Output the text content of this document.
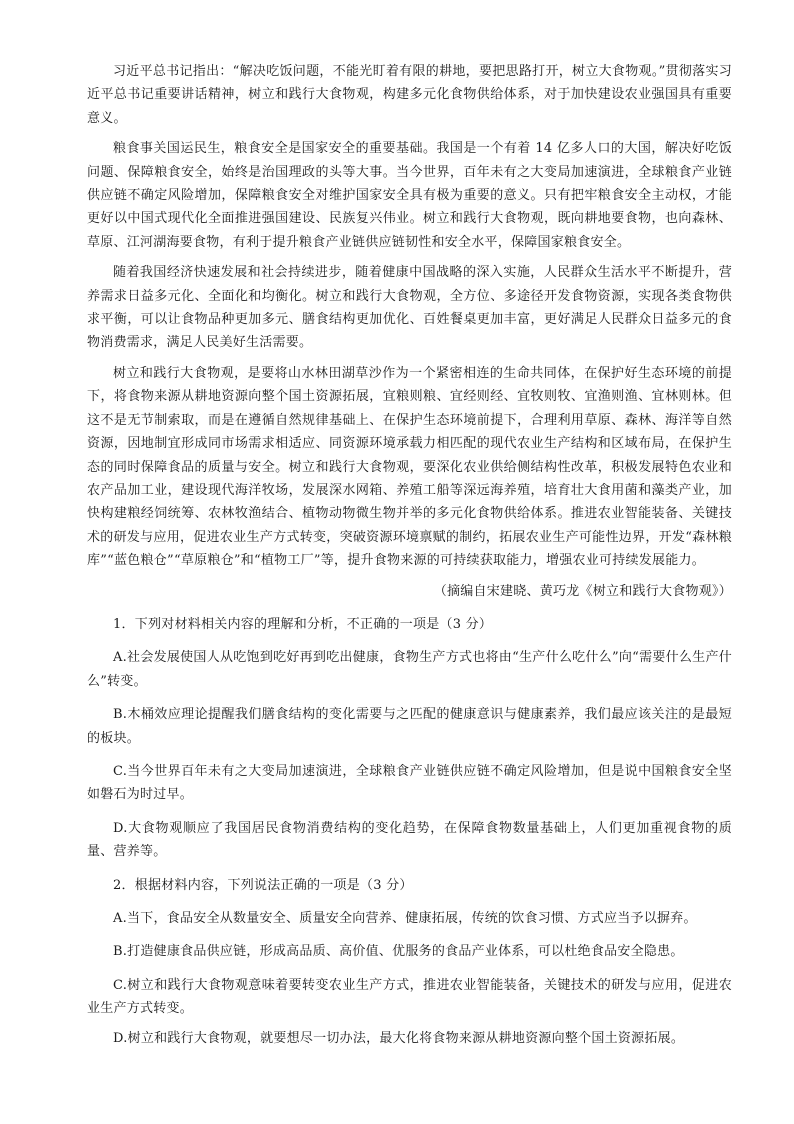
习近平总书记指出：“解决吃饭问题，不能光盯着有限的耕地，要把思路打开，树立大食物观。”贯彻落实习近平总书记重要讲话精神，树立和践行大食物观，构建多元化食物供给体系，对于加快建设农业强国具有重要意义。

粮食事关国运民生，粮食安全是国家安全的重要基础。我国是一个有着 14 亿多人口的大国，解决好吃饭问题、保障粮食安全，始终是治国理政的头等大事。当今世界，百年未有之大变局加速演进，全球粮食产业链供应链不确定风险增加，保障粮食安全对维护国家安全具有极为重要的意义。只有把牢粮食安全主动权，才能更好以中国式现代化全面推进强国建设、民族复兴伟业。树立和践行大食物观，既向耕地要食物，也向森林、草原、江河湖海要食物，有利于提升粮食产业链供应链韧性和安全水平，保障国家粮食安全。

随着我国经济快速发展和社会持续进步，随着健康中国战略的深入实施，人民群众生活水平不断提升，营养需求日益多元化、全面化和均衡化。树立和践行大食物观，全方位、多途径开发食物资源，实现各类食物供求平衡，可以让食物品种更加多元、膳食结构更加优化、百姓餐桌更加丰富，更好满足人民群众日益多元的食物消费需求，满足人民美好生活需要。

树立和践行大食物观，是要将山水林田湖草沙作为一个紧密相连的生命共同体，在保护好生态环境的前提下，将食物来源从耕地资源向整个国土资源拓展，宜粮则粮、宜经则经、宜牧则牧、宜渔则渔、宜林则林。但这不是无节制索取，而是在遵循自然规律基础上、在保护生态环境前提下，合理利用草原、森林、海洋等自然资源，因地制宜形成同市场需求相适应、同资源环境承载力相匹配的现代农业生产结构和区域布局，在保护生态的同时保障食品的质量与安全。树立和践行大食物观，要深化农业供给侧结构性改革，积极发展特色农业和农产品加工业，建设现代海洋牧场，发展深水网箱、养殖工船等深远海养殖，培育壮大食用菌和藻类产业，加快构建粮经饲统筹、农林牧渔结合、植物动物微生物并举的多元化食物供给体系。推进农业智能装备、关键技术的研发与应用，促进农业生产方式转变，突破资源环境禀赋的制约，拓展农业生产可能性边界，开发“森林粮库”“蓝色粮仓”“草原粮仓”和“植物工厂”等，提升食物来源的可持续获取能力，增强农业可持续发展能力。

（摘编自宋建晓、黄巧龙《树立和践行大食物观》）

1．下列对材料相关内容的理解和分析，不正确的一项是（3 分）

A.社会发展使国人从吃饱到吃好再到吃出健康，食物生产方式也将由“生产什么吃什么”向“需要什么生产什么”转变。

B.木桶效应理论提醒我们膳食结构的变化需要与之匹配的健康意识与健康素养，我们最应该关注的是最短的板块。

C.当今世界百年未有之大变局加速演进，全球粮食产业链供应链不确定风险增加，但是说中国粮食安全坚如磐石为时过早。

D.大食物观顺应了我国居民食物消费结构的变化趋势，在保障食物数量基础上，人们更加重视食物的质量、营养等。

2．根据材料内容，下列说法正确的一项是（3 分）

A.当下，食品安全从数量安全、质量安全向营养、健康拓展，传统的饮食习惯、方式应当予以摒弃。

B.打造健康食品供应链，形成高品质、高价值、优服务的食品产业体系，可以杜绝食品安全隐患。

C.树立和践行大食物观意味着要转变农业生产方式，推进农业智能装备，关键技术的研发与应用，促进农业生产方式转变。

D.树立和践行大食物观，就要想尽一切办法，最大化将食物来源从耕地资源向整个国土资源拓展。
